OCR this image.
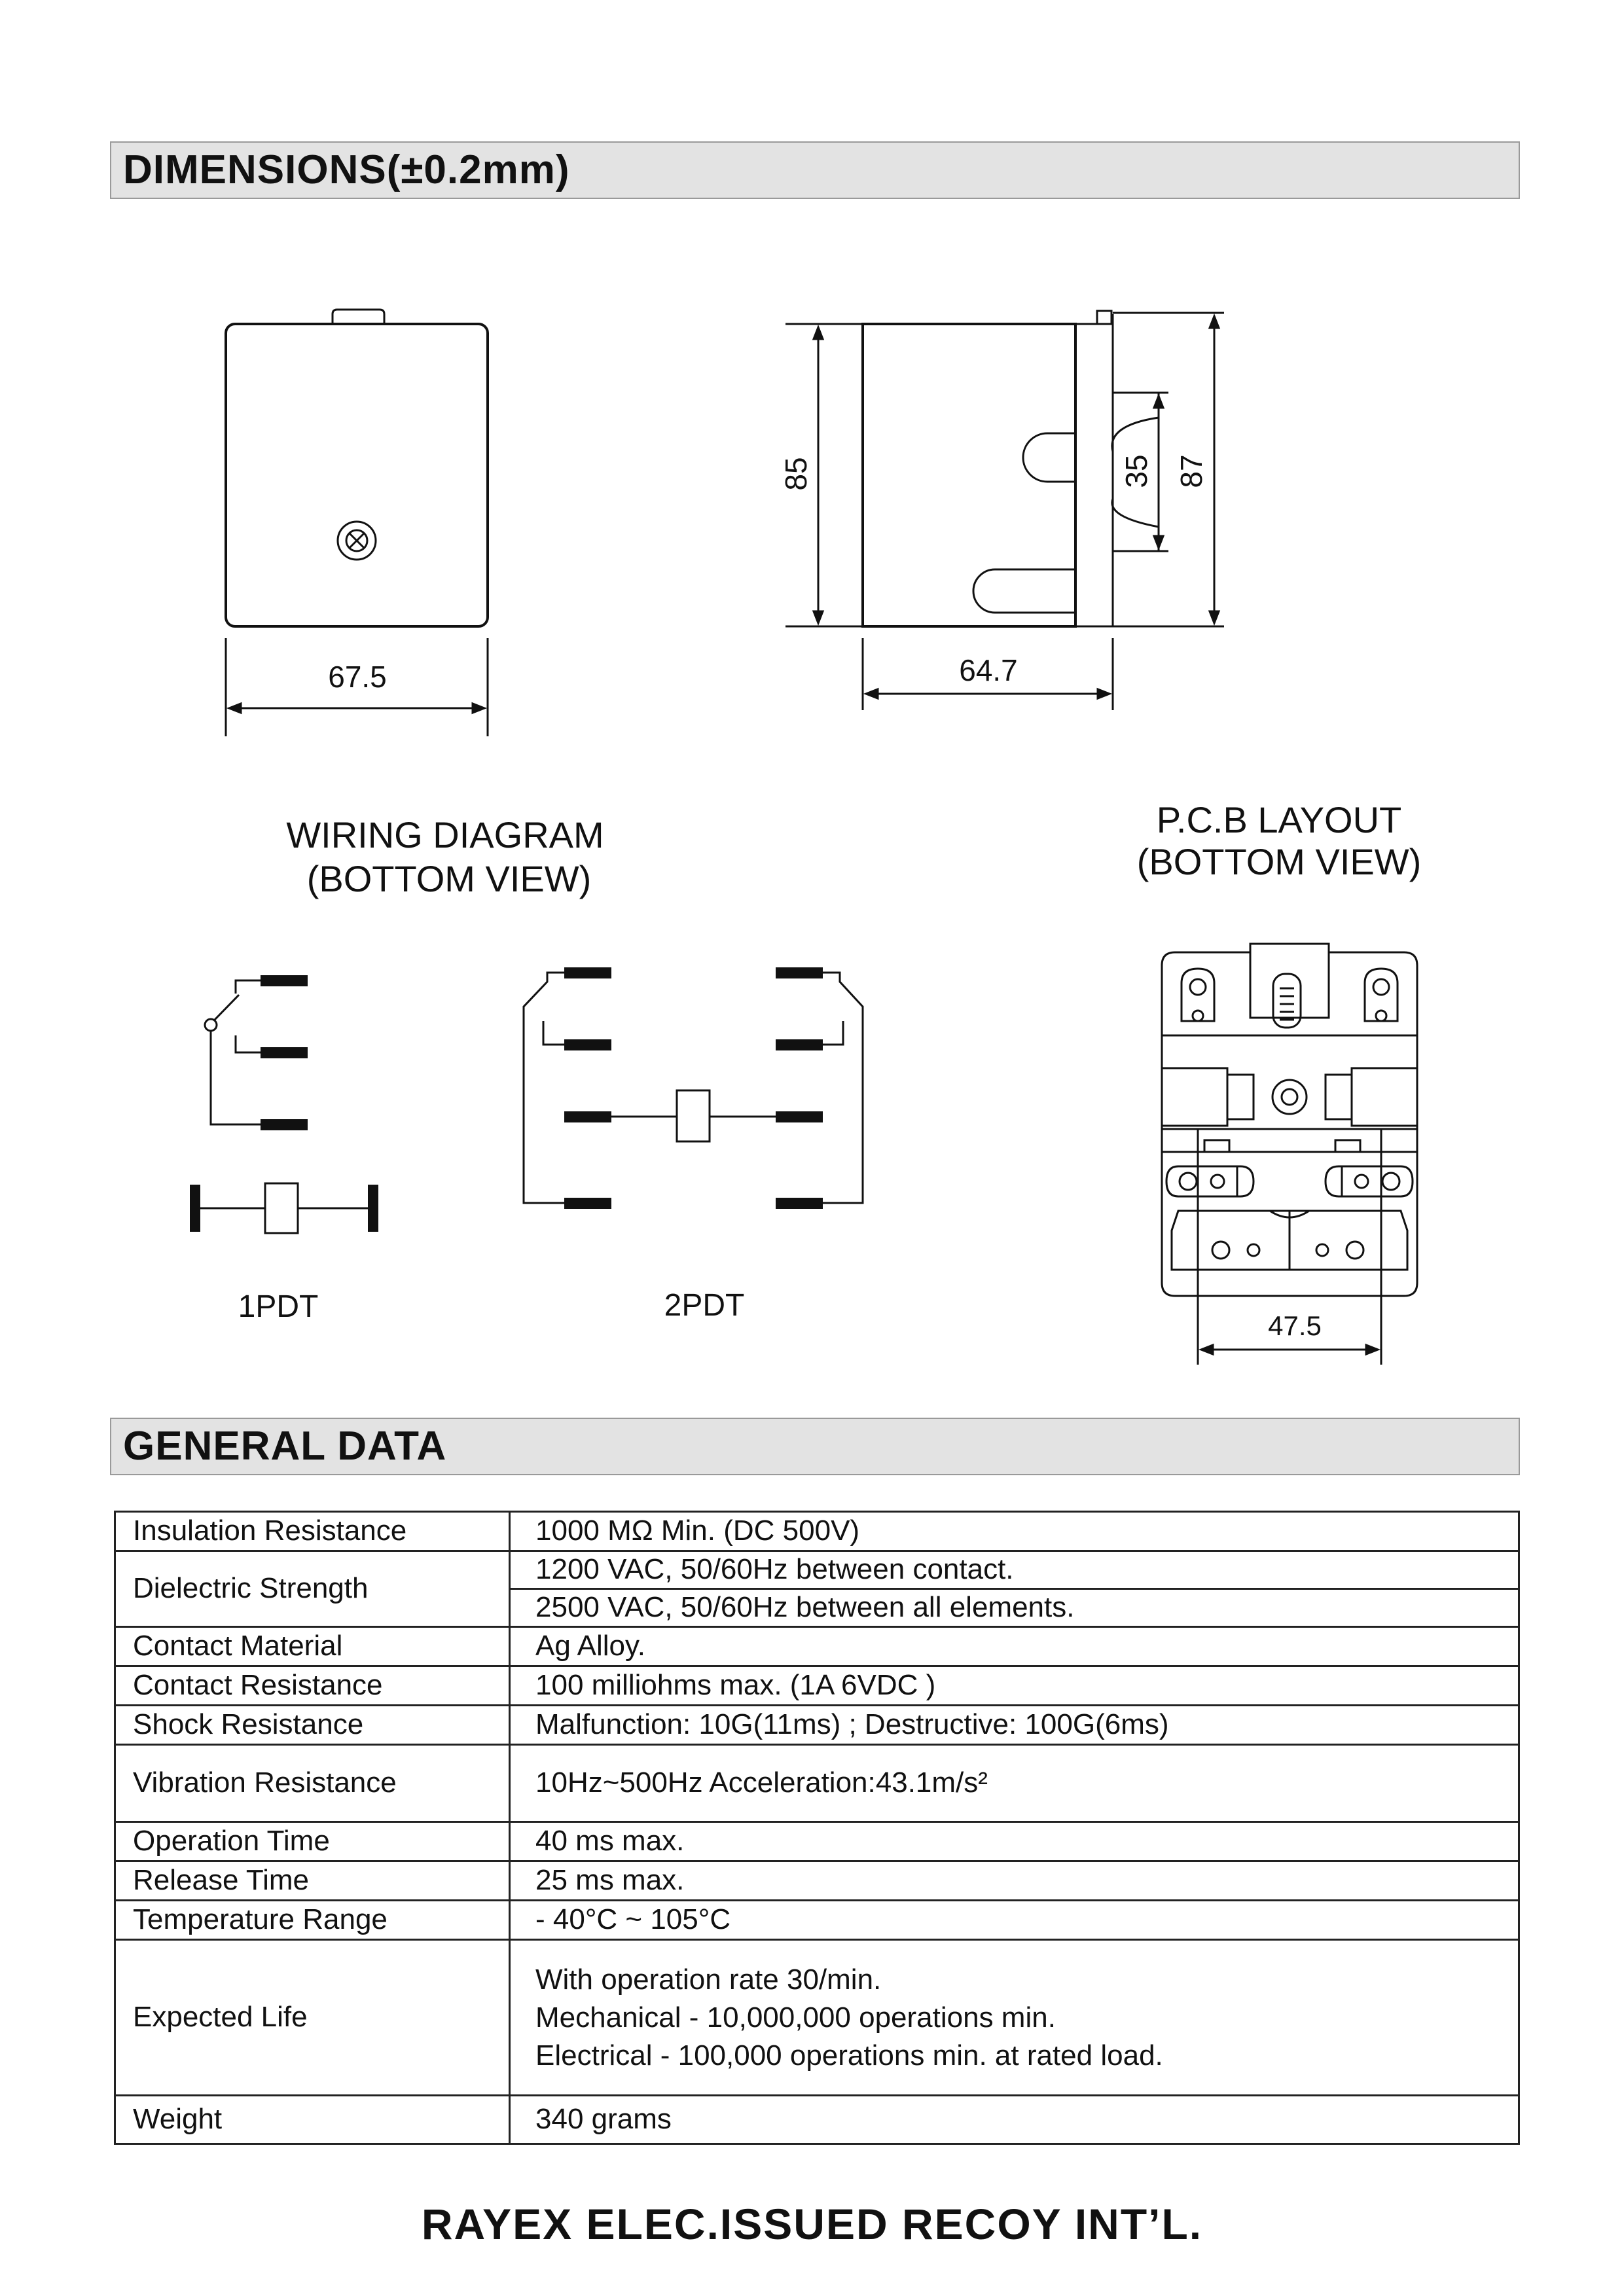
DIMENSIONS(±0.2mm)
67.5	64.7
85	35 87
WIRING DIAGRAM
(BOTTOM VIEW)
1PDT	2PDT
P.C.B LAYOUT
(BOTTOM VIEW)
47.5
GENERAL DATA
Insulation Resistance	1000 MΩ Min. (DC 500V)
Dielectric Strength	1200 VAC, 50/60Hz between contact.
	2500 VAC, 50/60Hz between all elements.
Contact Material	Ag Alloy.
Contact Resistance	100 milliohms max. (1A 6VDC )
Shock Resistance	Malfunction: 10G(11ms) ; Destructive: 100G(6ms)
Vibration Resistance	10Hz~500Hz Acceleration:43.1m/s²
Operation Time	40 ms max.
Release Time	25 ms max.
Temperature Range	- 40°C ~ 105°C
Expected Life	With operation rate 30/min.
Mechanical - 10,000,000 operations min.
Electrical - 100,000 operations min. at rated load.

Weight	340 grams
RAYEX ELEC.ISSUED RECOY INT’L.
